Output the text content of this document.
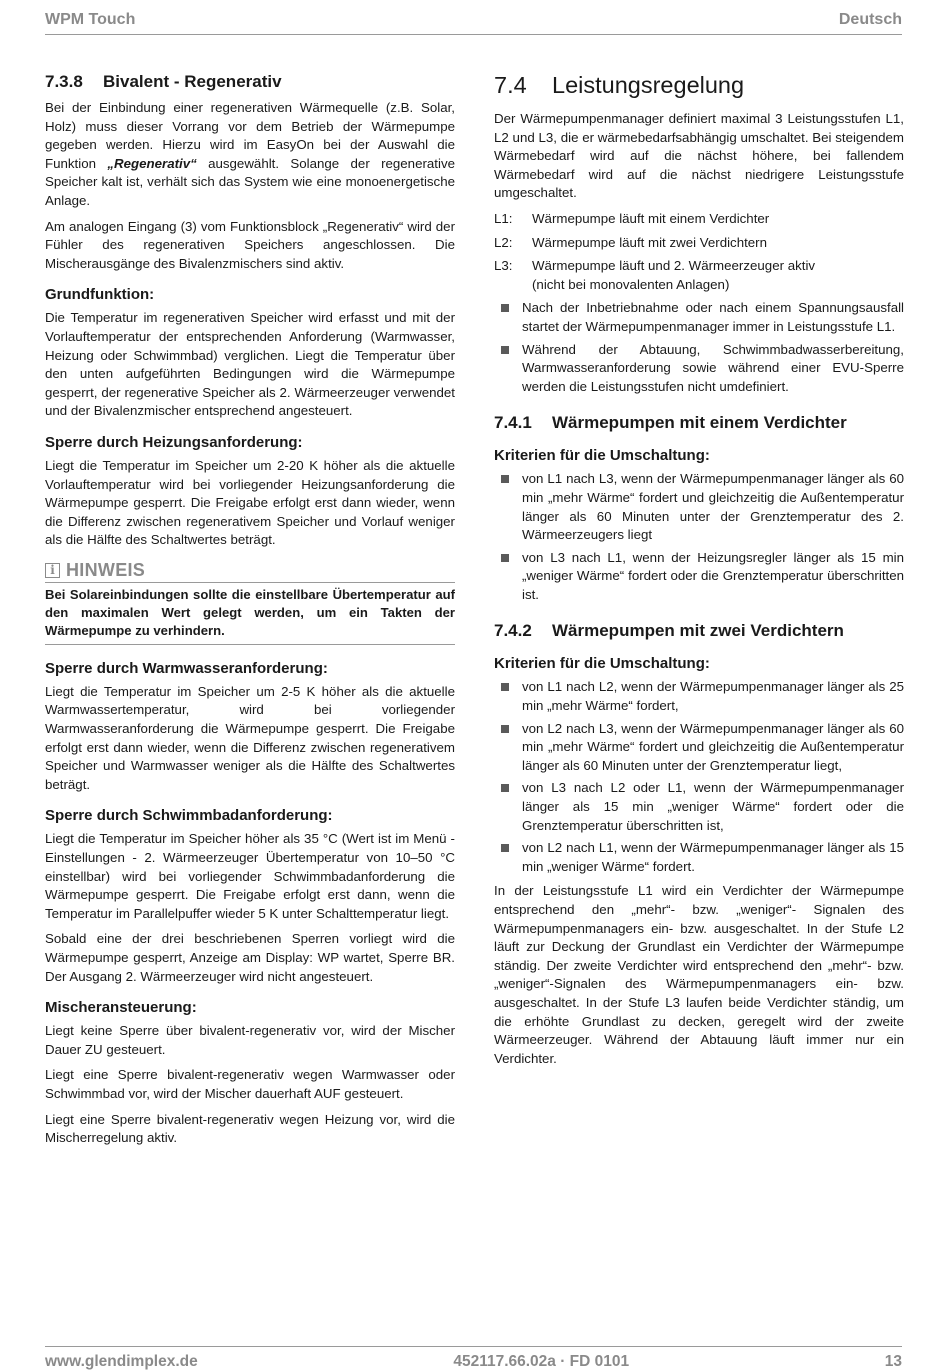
WPM Touch	Deutsch
7.3.8 Bivalent - Regenerativ

Bei der Einbindung einer regenerativen Wärmequelle (z.B. Solar, Holz) muss dieser Vorrang vor dem Betrieb der Wärmepumpe gegeben werden. Hierzu wird im EasyOn bei der Auswahl die Funktion „Regenerativ“ ausgewählt. Solange der regenerative Speicher kalt ist, verhält sich das System wie eine monoenergetische Anlage.

Am analogen Eingang (3) vom Funktionsblock „Regenerativ“ wird der Fühler des regenerativen Speichers angeschlossen. Die Mischerausgänge des Bivalenzmischers sind aktiv.

Grundfunktion:

Die Temperatur im regenerativen Speicher wird erfasst und mit der Vorlauftemperatur der entsprechenden Anforderung (Warmwasser, Heizung oder Schwimmbad) verglichen. Liegt die Temperatur über den unten aufgeführten Bedingungen wird die Wärmepumpe gesperrt, der regenerative Speicher als 2. Wärmeerzeuger verwendet und der Bivalenzmischer entsprechend angesteuert.

Sperre durch Heizungsanforderung:

Liegt die Temperatur im Speicher um 2-20 K höher als die aktuelle Vorlauftemperatur wird bei vorliegender Heizungsanforderung die Wärmepumpe gesperrt. Die Freigabe erfolgt erst dann wieder, wenn die Differenz zwischen regenerativem Speicher und Vorlauf weniger als die Hälfte des Schaltwertes beträgt.

i HINWEIS
Bei Solareinbindungen sollte die einstellbare Übertemperatur auf den maximalen Wert gelegt werden, um ein Takten der Wärmepumpe zu verhindern.
Sperre durch Warmwasseranforderung:

Liegt die Temperatur im Speicher um 2-5 K höher als die aktuelle Warmwassertemperatur, wird bei vorliegender Warmwasseranforderung die Wärmepumpe gesperrt. Die Freigabe erfolgt erst dann wieder, wenn die Differenz zwischen regenerativem Speicher und Warmwasser weniger als die Hälfte des Schaltwertes beträgt.

Sperre durch Schwimmbadanforderung:

Liegt die Temperatur im Speicher höher als 35 °C (Wert ist im Menü - Einstellungen - 2. Wärmeerzeuger Übertemperatur von 10–50 °C einstellbar) wird bei vorliegender Schwimmbadanforderung die Wärmepumpe gesperrt. Die Freigabe erfolgt erst dann, wenn die Temperatur im Parallelpuffer wieder 5 K unter Schalttemperatur liegt.

Sobald eine der drei beschriebenen Sperren vorliegt wird die Wärmepumpe gesperrt, Anzeige am Display: WP wartet, Sperre BR. Der Ausgang 2. Wärmeerzeuger wird nicht angesteuert.

Mischeransteuerung:

Liegt keine Sperre über bivalent-regenerativ vor, wird der Mischer Dauer ZU gesteuert.

Liegt eine Sperre bivalent-regenerativ wegen Warmwasser oder Schwimmbad vor, wird der Mischer dauerhaft AUF gesteuert.

Liegt eine Sperre bivalent-regenerativ wegen Heizung vor, wird die Mischerregelung aktiv.

7.4 Leistungsregelung

Der Wärmepumpenmanager definiert maximal 3 Leistungsstufen L1, L2 und L3, die er wärmebedarfsabhängig umschaltet. Bei steigendem Wärmebedarf wird auf die nächst höhere, bei fallendem Wärmebedarf wird auf die nächst niedrigere Leistungsstufe umgeschaltet.

L1:	Wärmepumpe läuft mit einem Verdichter
L2:	Wärmepumpe läuft mit zwei Verdichtern
L3:	Wärmepumpe läuft und 2. Wärmeerzeuger aktiv
(nicht bei monovalenten Anlagen)
Nach der Inbetriebnahme oder nach einem Spannungsausfall startet der Wärmepumpenmanager immer in Leistungsstufe L1.
Während der Abtauung, Schwimmbadwasserbereitung, Warmwasseranforderung sowie während einer EVU-Sperre werden die Leistungsstufen nicht umdefiniert.
7.4.1 Wärmepumpen mit einem Verdichter
Kriterien für die Umschaltung:
von L1 nach L3, wenn der Wärmepumpenmanager länger als 60 min „mehr Wärme“ fordert und gleichzeitig die Außentemperatur länger als 60 Minuten unter der Grenztemperatur des 2. Wärmeerzeugers liegt
von L3 nach L1, wenn der Heizungsregler länger als 15 min „weniger Wärme“ fordert oder die Grenztemperatur überschritten ist.
7.4.2 Wärmepumpen mit zwei Verdichtern
Kriterien für die Umschaltung:
von L1 nach L2, wenn der Wärmepumpenmanager länger als 25 min „mehr Wärme“ fordert,
von L2 nach L3, wenn der Wärmepumpenmanager länger als 60 min „mehr Wärme“ fordert und gleichzeitig die Außentemperatur länger als 60 Minuten unter der Grenztemperatur liegt,
von L3 nach L2 oder L1, wenn der Wärmepumpenmanager länger als 15 min „weniger Wärme“ fordert oder die Grenztemperatur überschritten ist,
von L2 nach L1, wenn der Wärmepumpenmanager länger als 15 min „weniger Wärme“ fordert.

In der Leistungsstufe L1 wird ein Verdichter der Wärmepumpe entsprechend den „mehr“- bzw. „weniger“- Signalen des Wärmepumpenmanagers ein- bzw. ausgeschaltet. In der Stufe L2 läuft zur Deckung der Grundlast ein Verdichter der Wärmepumpe ständig. Der zweite Verdichter wird entsprechend den „mehr“- bzw. „weniger“-Signalen des Wärmepumpenmanagers ein- bzw. ausgeschaltet. In der Stufe L3 laufen beide Verdichter ständig, um die erhöhte Grundlast zu decken, geregelt wird der zweite Wärmeerzeuger. Während der Abtauung läuft immer nur ein Verdichter.

www.glendimplex.de	452117.66.02a · FD 0101	13
